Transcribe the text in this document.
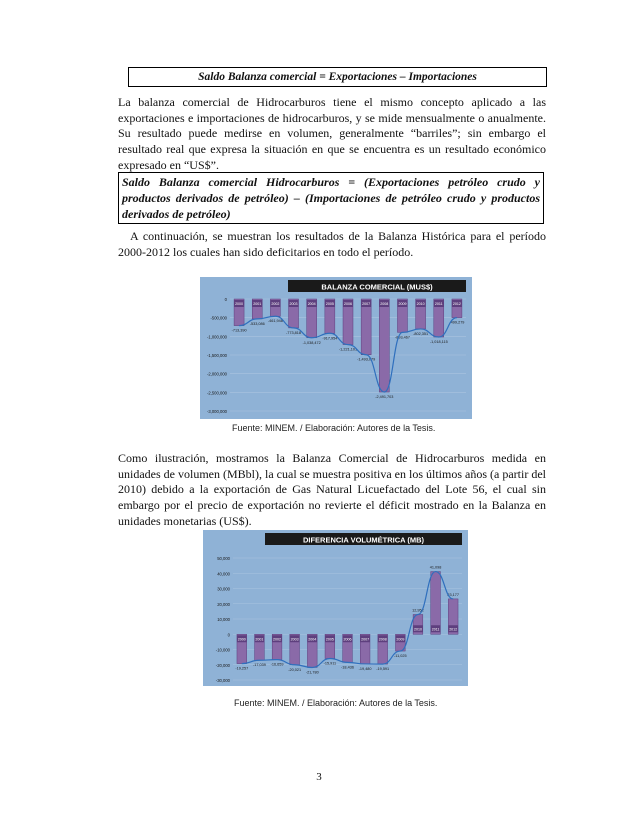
Saldo Balanza comercial = Exportaciones – Importaciones
La balanza comercial de Hidrocarburos tiene el mismo concepto aplicado a las exportaciones e importaciones de hidrocarburos, y se mide mensualmente o anualmente. Su resultado puede medirse en volumen, generalmente “barriles”; sin embargo el resultado real que expresa la situación en que se encuentra es un resultado económico expresado en “US$”.
Saldo Balanza comercial Hidrocarburos = (Exportaciones petróleo crudo y productos derivados de petróleo) – (Importaciones de petróleo crudo y productos derivados de petróleo)
A continuación, se muestran los resultados de la Balanza Histórica para el período 2000-2012 los cuales han sido deficitarios en todo el período.
BALANZA COMERCIAL (MUS$)
0
-500,000
-1,000,000
-1,500,000
-2,000,000
-2,500,000
-3,000,000
2000
-713,390
2001
-533,086
2002
-461,948
2003
-773,818
2004
-1,038,472
2005
-917,954
2006
-1,221,101
2007
-1,493,079
2008
-2,491,703
2009
-893,467
2010
-802,351
2011
-1,018,115
2012
-499,279
Fuente: MINEM. / Elaboración: Autores de la Tesis.
Como ilustración, mostramos la Balanza Comercial de Hidrocarburos medida en unidades de volumen (MBbl), la cual se muestra positiva en los últimos años (a partir del 2010) debido a la exportación de Gas Natural Licuefactado del Lote 56, el cual sin embargo por el precio de exportación no revierte el déficit mostrado en la Balanza en unidades monetarias (US$).
DIFERENCIA VOLUMÉTRICA (MB)
50,000
40,000
30,000
20,000
10,000
0
-10,000
-20,000
-30,000
2000
-19,257
2001
-17,039
2002
-16,659
2003
-20,021
2004
-21,780
2005
-15,911
2006
-18,436
2007
-19,480
2008
-19,591
2009
-11,025
2010
12,952
2011
41,098
2012
23,177
Fuente: MINEM. / Elaboración: Autores de la Tesis.
3
